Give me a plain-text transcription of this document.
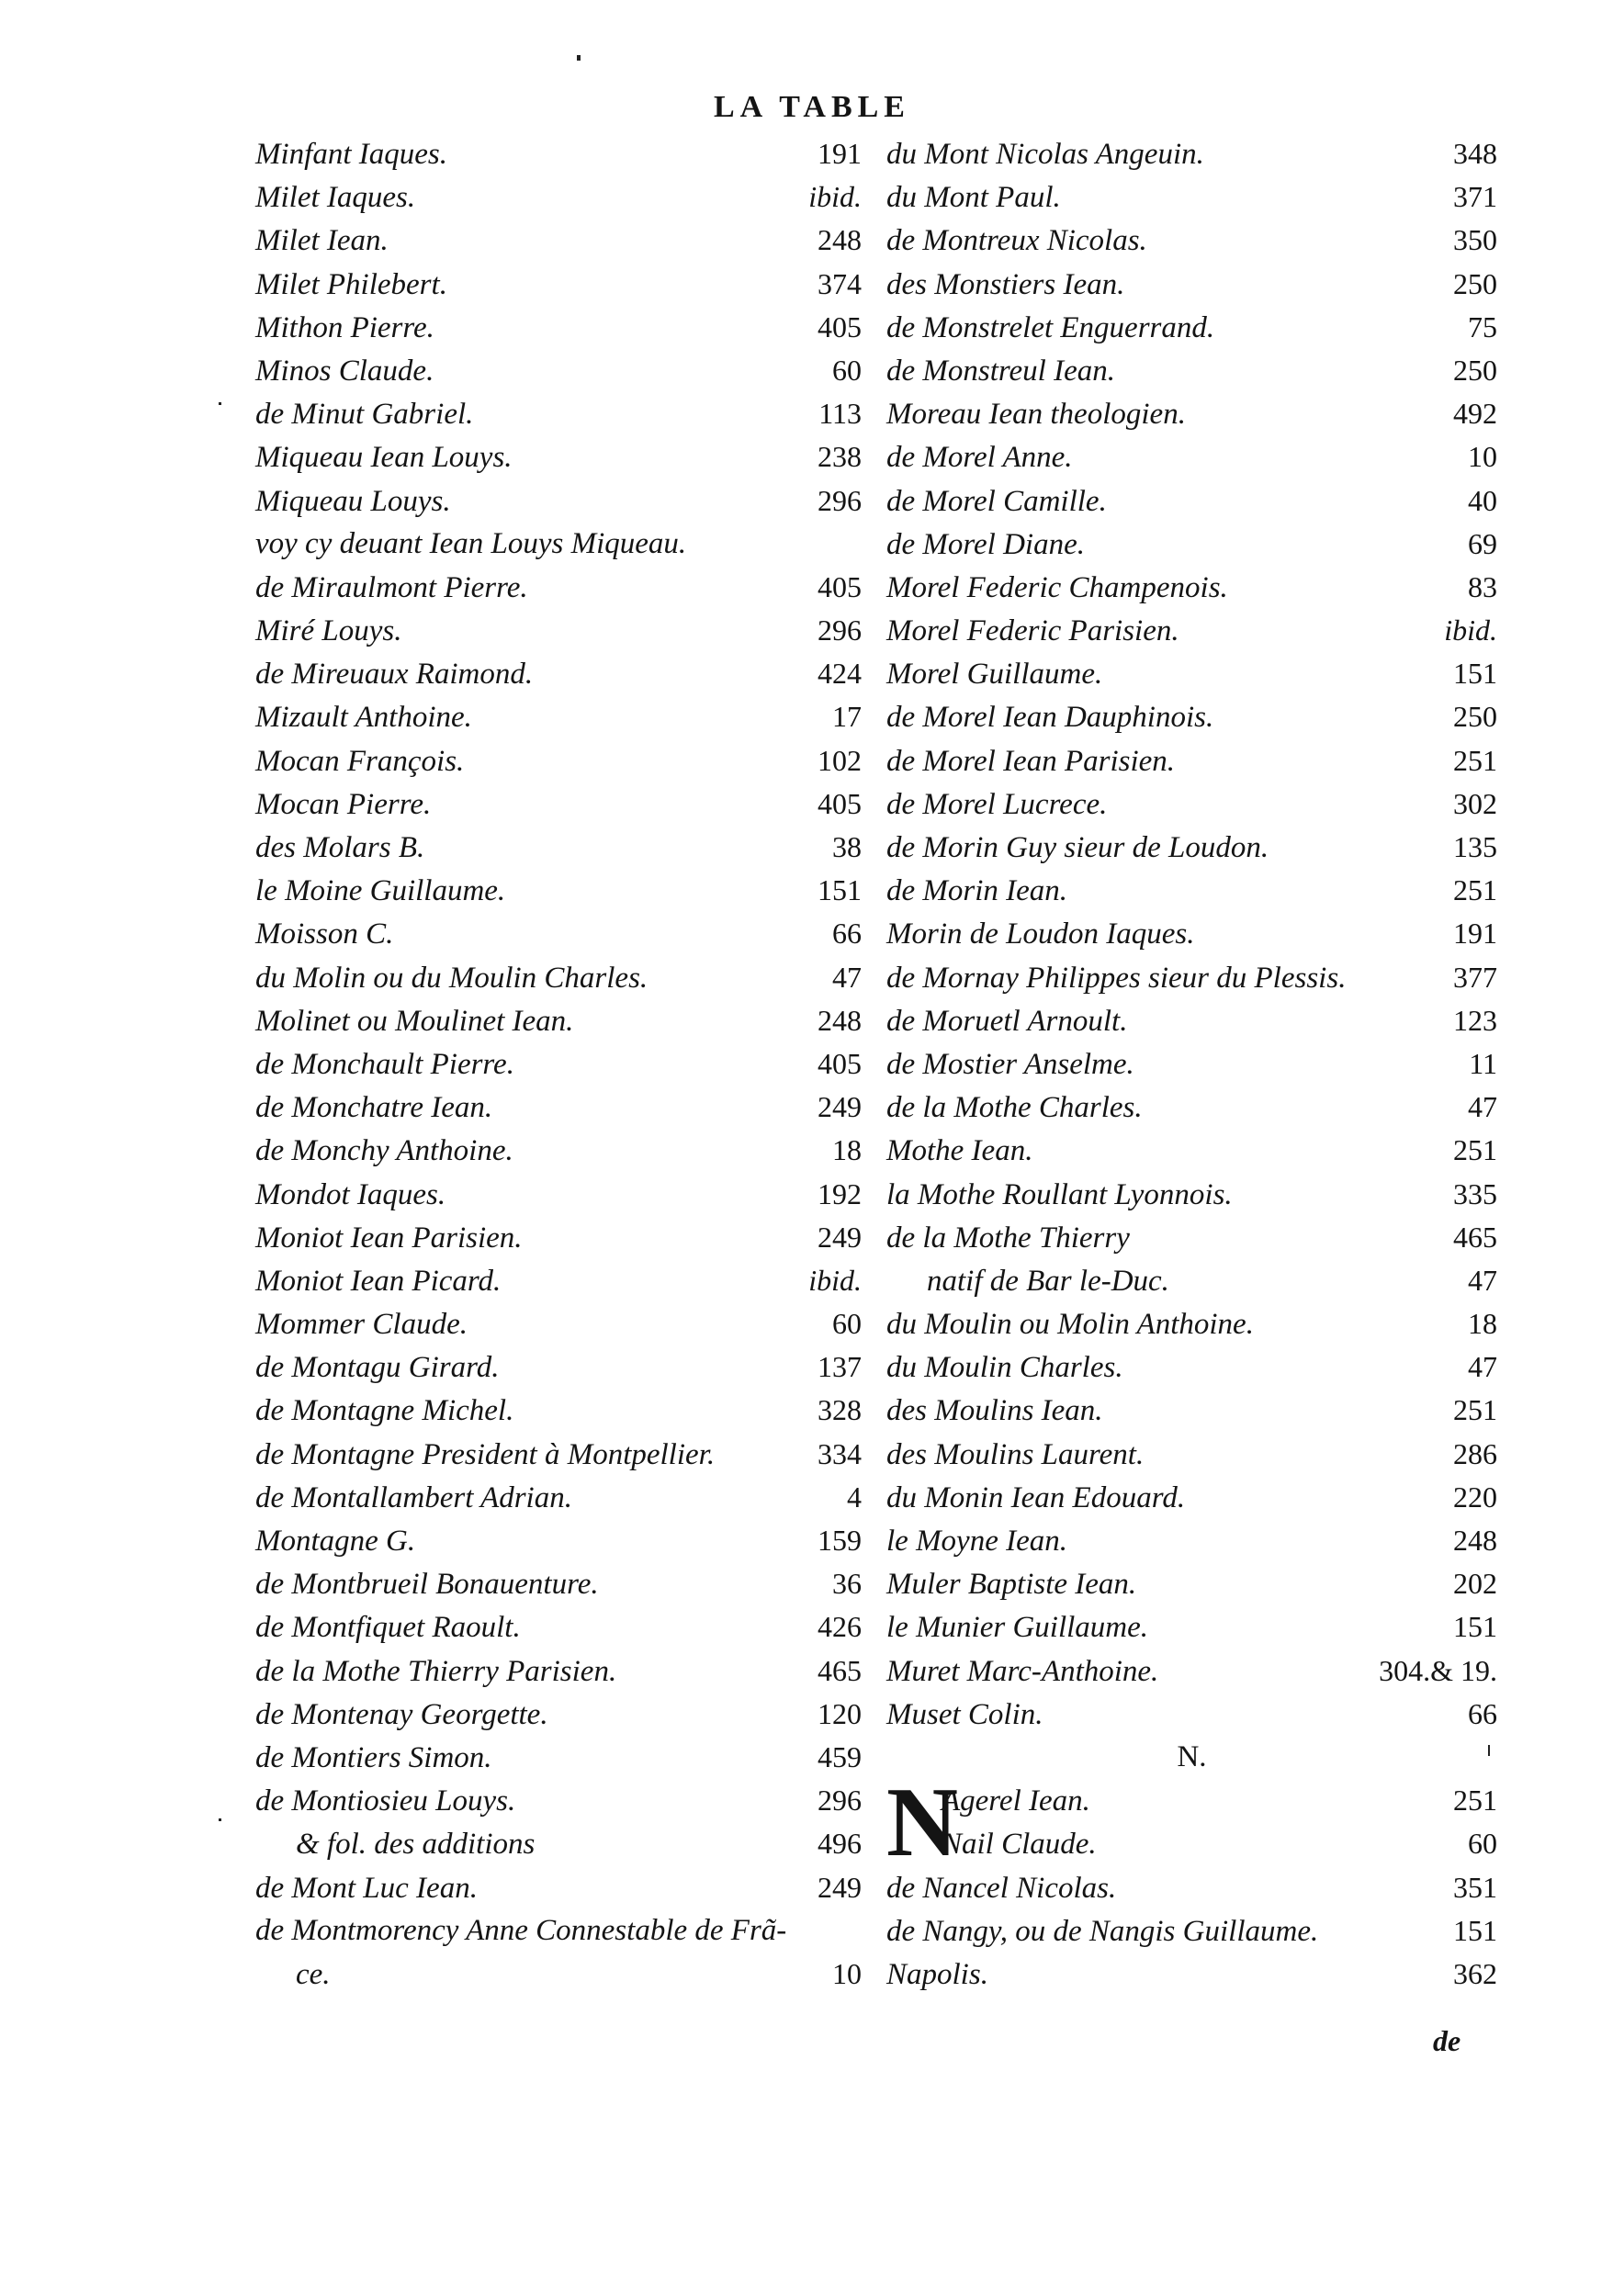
LA TABLE
Minfant Iaques.	191
Milet Iaques.	ibid.
Milet Iean.	248
Milet Philebert.	374
Mithon Pierre.	405
Minos Claude.	60
de Minut Gabriel.	113
Miqueau Iean Louys.	238
Miqueau Louys.	296
voy cy deuant Iean Louys Miqueau.
de Miraulmont Pierre.	405
Miré Louys.	296
de Mireuaux Raimond.	424
Mizault Anthoine.	17
Mocan François.	102
Mocan Pierre.	405
des Molars B.	38
le Moine Guillaume.	151
Moisson C.	66
du Molin ou du Moulin Charles.	47
Molinet ou Moulinet Iean.	248
de Monchault Pierre.	405
de Monchatre Iean.	249
de Monchy Anthoine.	18
Mondot Iaques.	192
Moniot Iean Parisien.	249
Moniot Iean Picard.	ibid.
Mommer Claude.	60
de Montagu Girard.	137
de Montagne Michel.	328
de Montagne President à Montpellier.	334
de Montallambert Adrian.	4
Montagne G.	159
de Montbrueil Bonauenture.	36
de Montfiquet Raoult.	426
de la Mothe Thierry Parisien.	465
de Montenay Georgette.	120
de Montiers Simon.	459
de Montiosieu Louys.	296
& fol. des additions	496
de Mont Luc Iean.	249
de Montmorency Anne Connestable de Frã-
ce.	10
du Mont Nicolas Angeuin.	348
du Mont Paul.	371
de Montreux Nicolas.	350
des Monstiers Iean.	250
de Monstrelet Enguerrand.	75
de Monstreul Iean.	250
Moreau Iean theologien.	492
de Morel Anne.	10
de Morel Camille.	40
de Morel Diane.	69
Morel Federic Champenois.	83
Morel Federic Parisien.	ibid.
Morel Guillaume.	151
de Morel Iean Dauphinois.	250
de Morel Iean Parisien.	251
de Morel Lucrece.	302
de Morin Guy sieur de Loudon.	135
de Morin Iean.	251
Morin de Loudon Iaques.	191
de Mornay Philippes sieur du Plessis.	377
de Moruetl Arnoult.	123
de Mostier Anselme.	11
de la Mothe Charles.	47
Mothe Iean.	251
la Mothe Roullant Lyonnois.	335
de la Mothe Thierry	465
natif de Bar le-Duc.	47
du Moulin ou Molin Anthoine.	18
du Moulin Charles.	47
des Moulins Iean.	251
des Moulins Laurent.	286
du Monin Iean Edouard.	220
le Moyne Iean.	248
Muler Baptiste Iean.	202
le Munier Guillaume.	151
Muret Marc-Anthoine.	304.& 19.
Muset Colin.	66
N.
N
Agerel Iean.	251
Nail Claude.	60
de Nancel Nicolas.	351
de Nangy, ou de Nangis Guillaume.	151
Napolis.	362
de
